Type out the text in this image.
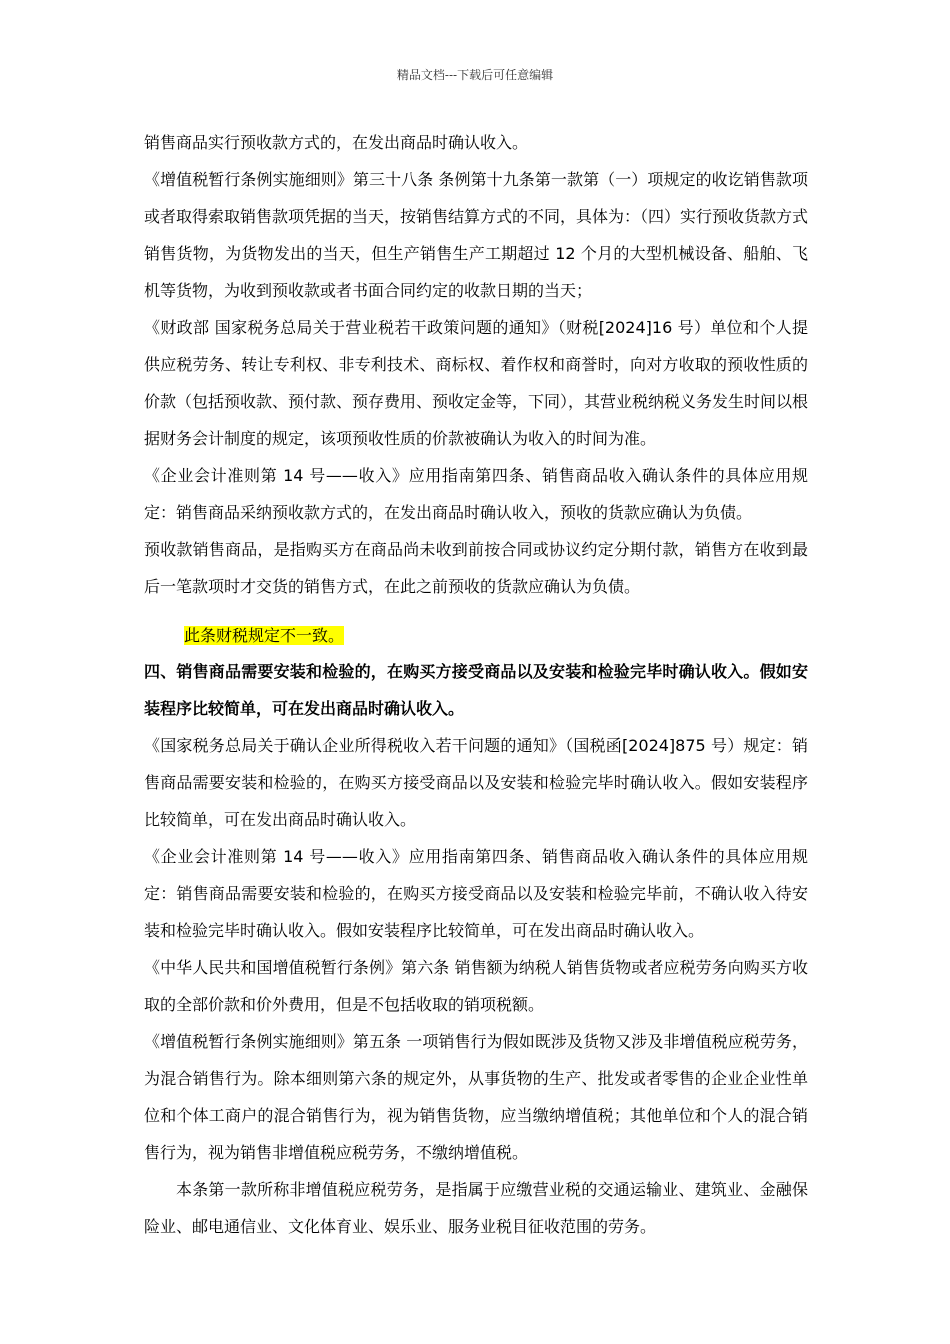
精品文档---下载后可任意编辑

销售商品实行预收款方式的，在发出商品时确认收入。

《增值税暂行条例实施细则》第三十八条 条例第十九条第一款第（一）项规定的收讫销售款项或者取得索取销售款项凭据的当天，按销售结算方式的不同，具体为：（四）实行预收货款方式销售货物，为货物发出的当天，但生产销售生产工期超过 12 个月的大型机械设备、船舶、飞机等货物，为收到预收款或者书面合同约定的收款日期的当天；

《财政部 国家税务总局关于营业税若干政策问题的通知》（财税[2024]16 号）单位和个人提供应税劳务、转让专利权、非专利技术、商标权、着作权和商誉时，向对方收取的预收性质的价款（包括预收款、预付款、预存费用、预收定金等，下同），其营业税纳税义务发生时间以根据财务会计制度的规定，该项预收性质的价款被确认为收入的时间为准。

《企业会计准则第 14 号——收入》应用指南第四条、销售商品收入确认条件的具体应用规定：销售商品采纳预收款方式的，在发出商品时确认收入，预收的货款应确认为负债。

预收款销售商品，是指购买方在商品尚未收到前按合同或协议约定分期付款，销售方在收到最后一笔款项时才交货的销售方式，在此之前预收的货款应确认为负债。

此条财税规定不一致。

四、销售商品需要安装和检验的，在购买方接受商品以及安装和检验完毕时确认收入。假如安装程序比较简单，可在发出商品时确认收入。

《国家税务总局关于确认企业所得税收入若干问题的通知》（国税函[2024]875 号）规定：销售商品需要安装和检验的，在购买方接受商品以及安装和检验完毕时确认收入。假如安装程序比较简单，可在发出商品时确认收入。

《企业会计准则第 14 号——收入》应用指南第四条、销售商品收入确认条件的具体应用规定：销售商品需要安装和检验的，在购买方接受商品以及安装和检验完毕前，不确认收入待安装和检验完毕时确认收入。假如安装程序比较简单，可在发出商品时确认收入。

《中华人民共和国增值税暂行条例》第六条 销售额为纳税人销售货物或者应税劳务向购买方收取的全部价款和价外费用，但是不包括收取的销项税额。

《增值税暂行条例实施细则》第五条 一项销售行为假如既涉及货物又涉及非增值税应税劳务，为混合销售行为。除本细则第六条的规定外，从事货物的生产、批发或者零售的企业企业性单位和个体工商户的混合销售行为，视为销售货物，应当缴纳增值税；其他单位和个人的混合销售行为，视为销售非增值税应税劳务，不缴纳增值税。

本条第一款所称非增值税应税劳务，是指属于应缴营业税的交通运输业、建筑业、金融保险业、邮电通信业、文化体育业、娱乐业、服务业税目征收范围的劳务。
